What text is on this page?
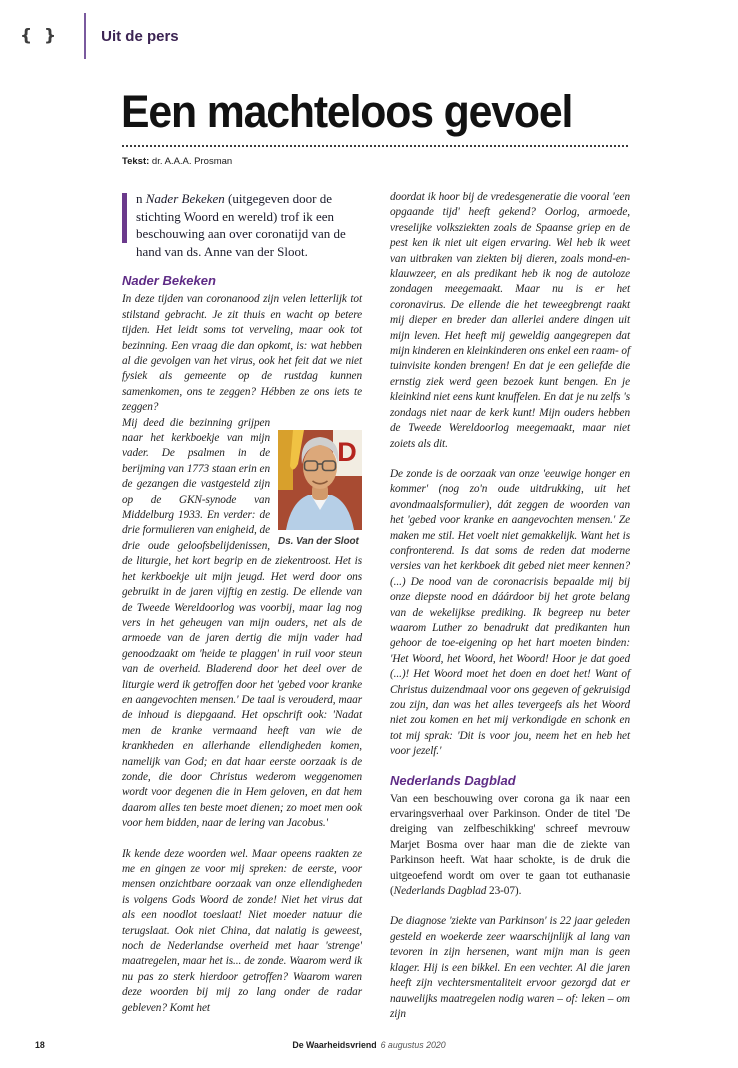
{ }	Uit de pers
Een machteloos gevoel

Tekst: dr. A.A.A. Prosman

n Nader Bekeken (uitgegeven door de stichting Woord en wereld) trof ik een beschouwing aan over coronatijd van de hand van ds. Anne van der Sloot.

Nader Bekeken

In deze tijden van coronanood zijn velen letterlijk tot stilstand gebracht. Je zit thuis en wacht op betere tijden. Het leidt soms tot verveling, maar ook tot bezinning. Een vraag die dan opkomt, is: wat hebben al die gevolgen van het virus, ook het feit dat we niet fysiek als gemeente op de rustdag kunnen samenkomen, ons te zeggen? Hébben ze ons iets te zeggen?

D
Ds. Van der Sloot
Mij deed die bezinning grijpen naar het kerkboekje van mijn vader. De psalmen in de berijming van 1773 staan erin en de gezangen die vastgesteld zijn op de GKN-synode van Middelburg 1933. En verder: de drie formulieren van enigheid, de drie oude geloofsbelijdenissen, de liturgie, het kort begrip en de ziekentroost. Het is het kerkboekje uit mijn jeugd. Het werd door ons gebruikt in de jaren vijftig en zestig. De ellende van de Tweede Wereldoorlog was voorbij, maar lag nog vers in het geheugen van mijn ouders, net als de armoede van de jaren dertig die mijn vader had genoodzaakt om 'heide te plaggen' in ruil voor steun van de overheid. Bladerend door het deel over de liturgie werd ik getroffen door het 'gebed voor kranke en aangevochten mensen.' De taal is verouderd, maar de inhoud is diepgaand. Het opschrift ook: 'Nadat men de kranke vermaand heeft van wie de krankheden en allerhande ellendigheden komen, namelijk van God; en dat haar eerste oorzaak is de zonde, die door Christus wederom weggenomen wordt voor degenen die in Hem geloven, en dat hem daarom alles ten beste moet dienen; zo moet men ook voor hem bidden, naar de lering van Jacobus.'

Ik kende deze woorden wel. Maar opeens raakten ze me en gingen ze voor mij spreken: de eerste, voor mensen onzichtbare oorzaak van onze ellendigheden is volgens Gods Woord de zonde! Niet het virus dat als een noodlot toeslaat! Niet moeder natuur die terugslaat. Ook niet China, dat nalatig is geweest, noch de Nederlandse overheid met haar 'strenge' maatregelen, maar het is... de zonde. Waarom werd ik nu pas zo sterk hierdoor getroffen? Waarom waren deze woorden bij mij zo lang onder de radar gebleven? Komt het

doordat ik hoor bij de vredesgeneratie die vooral 'een opgaande tijd' heeft gekend? Oorlog, armoede, vreselijke volksziekten zoals de Spaanse griep en de pest ken ik niet uit eigen ervaring. Wel heb ik weet van uitbraken van ziekten bij dieren, zoals mond-en-klauwzeer, en als predikant heb ik nog de autoloze zondagen meegemaakt. Maar nu is er het coronavirus. De ellende die het teweegbrengt raakt mij dieper en breder dan allerlei andere dingen uit mijn leven. Het heeft mij geweldig aangegrepen dat mijn kinderen en kleinkinderen ons enkel een raam- of tuinvisite konden brengen! En dat je een geliefde die ernstig ziek werd geen bezoek kunt bengen. En je kleinkind niet eens kunt knuffelen. En dat je nu zelfs 's zondags niet naar de kerk kunt! Mijn ouders hebben de Tweede Wereldoorlog meegemaakt, maar niet zoiets als dit.

De zonde is de oorzaak van onze 'eeuwige honger en kommer' (nog zo'n oude uitdrukking, uit het avondmaalsformulier), dát zeggen de woorden van het 'gebed voor kranke en aangevochten mensen.' Ze maken me stil. Het voelt niet gemakkelijk. Want het is confronterend. Is dat soms de reden dat moderne versies van het kerkboek dit gebed niet meer kennen? (...) De nood van de coronacrisis bepaalde mij bij onze diepste nood en dáárdoor bij het grote belang van de wekelijkse prediking. Ik begreep nu beter waarom Luther zo benadrukt dat predikanten hun gehoor de toe-eigening op het hart moeten binden: 'Het Woord, het Woord, het Woord! Hoor je dat goed (...)! Het Woord moet het doen en doet het! Want of Christus duizendmaal voor ons gegeven of gekruisigd zou zijn, dan was het alles tevergeefs als het Woord niet zou komen en het mij verkondigde en schonk en tot mij sprak: 'Dit is voor jou, neem het en heb het voor jezelf.'

Nederlands Dagblad

Van een beschouwing over corona ga ik naar een ervaringsverhaal over Parkinson. Onder de titel 'De dreiging van zelfbeschikking' schreef mevrouw Marjet Bosma over haar man die de ziekte van Parkinson heeft. Wat haar schokte, is de druk die uitgeoefend wordt om over te gaan tot euthanasie (Nederlands Dagblad 23-07).

De diagnose 'ziekte van Parkinson' is 22 jaar geleden gesteld en woekerde zeer waarschijnlijk al lang van tevoren in zijn hersenen, want mijn man is geen klager. Hij is een bikkel. En een vechter. Al die jaren heeft zijn vechtersmentaliteit ervoor gezorgd dat er nauwelijks maatregelen nodig waren – of: leken – om zijn

18	De Waarheidsvriend 6 augustus 2020
